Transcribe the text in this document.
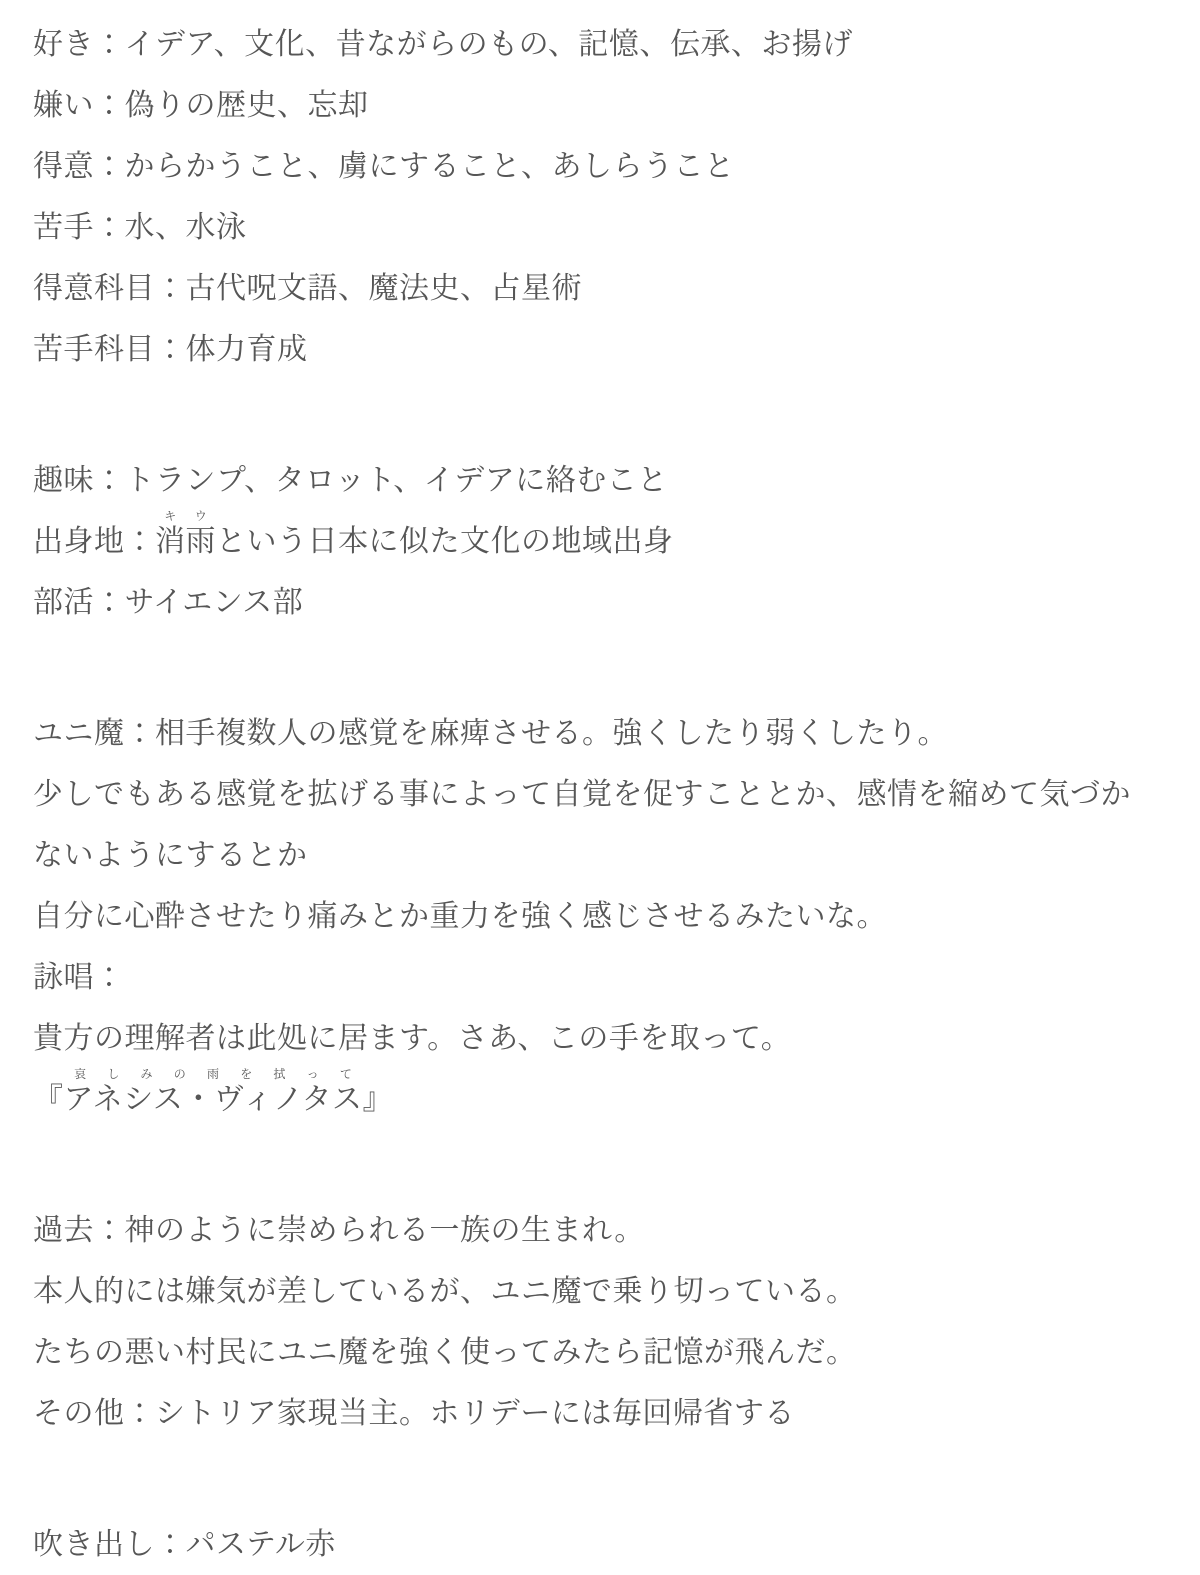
好き：イデア、文化、昔ながらのもの、記憶、伝承、お揚げ
嫌い：偽りの歴史、忘却
得意：からかうこと、虜にすること、あしらうこと
苦手：水、水泳
得意科目：古代呪文語、魔法史、占星術
苦手科目：体力育成
趣味：トランプ、タロット、イデアに絡むこと
出身地：
キ ウ
消雨という日本に似た文化の地域出身
部活：サイエンス部
ユニ魔：相手複数人の感覚を麻痺させる。強くしたり弱くしたり。
少しでもある感覚を拡げる事によって自覚を促すこととか、感情を縮めて気づか
ないようにするとか
自分に心酔させたり痛みとか重力を強く感じさせるみたいな。
詠唱：
貴方の理解者は此処に居ます。さあ、この手を取って。
『
哀 し み の 雨 を 拭 っ て
アネシス・ヴィノタス』
過去：神のように崇められる一族の生まれ。
本人的には嫌気が差しているが、ユニ魔で乗り切っている。
たちの悪い村民にユニ魔を強く使ってみたら記憶が飛んだ。
その他：シトリア家現当主。ホリデーには毎回帰省する
吹き出し：パステル赤
